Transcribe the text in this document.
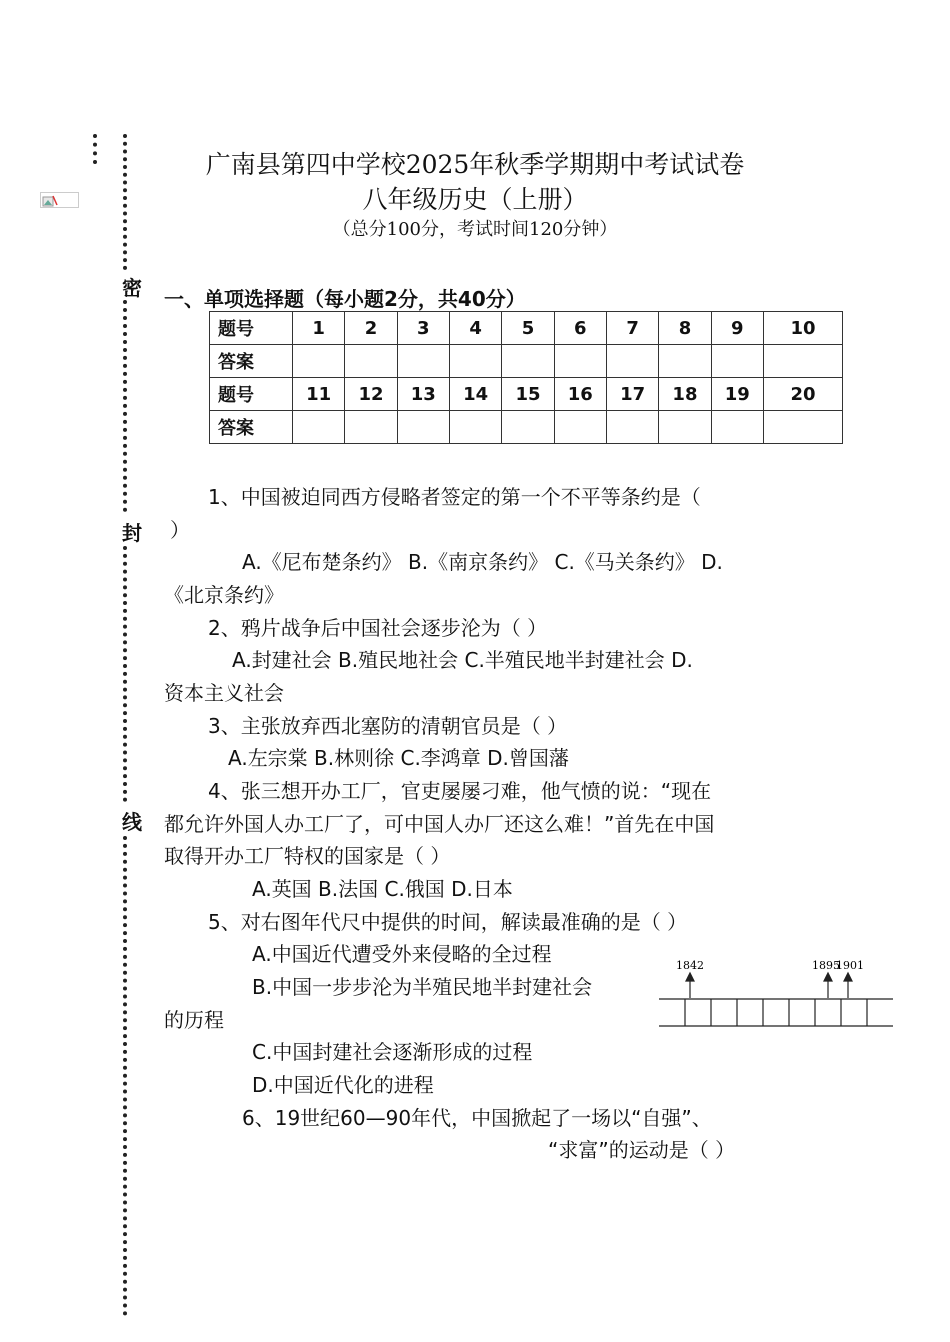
密
封
线
广南县第四中学校2025年秋季学期期中考试试卷
八年级历史（上册）
（总分100分，考试时间120分钟）
一、单项选择题（每小题2分，共40分）
题号	1	2	3	4	5	6	7	8	9	10
答案										
题号	11	12	13	14	15	16	17	18	19	20
答案										
1、中国被迫同西方侵略者签定的第一个不平等条约是（
）
A.《尼布楚条约》 B.《南京条约》 C.《马关条约》 D.
《北京条约》
2、鸦片战争后中国社会逐步沦为（ ）
A.封建社会 B.殖民地社会 C.半殖民地半封建社会 D.
资本主义社会
3、主张放弃西北塞防的清朝官员是（ ）
A.左宗棠 B.林则徐 C.李鸿章 D.曾国藩
4、张三想开办工厂，官吏屡屡刁难，他气愤的说：“现在
都允许外国人办工厂了，可中国人办厂还这么难！”首先在中国
取得开办工厂特权的国家是（ ）
A.英国 B.法国 C.俄国 D.日本
5、对右图年代尺中提供的时间，解读最准确的是（ ）
A.中国近代遭受外来侵略的全过程
B.中国一步步沦为半殖民地半封建社会
的历程
C.中国封建社会逐渐形成的过程
D.中国近代化的进程
6、19世纪60—90年代，中国掀起了一场以“自强”、
“求富”的运动是（ ）
1842	1895
1901
